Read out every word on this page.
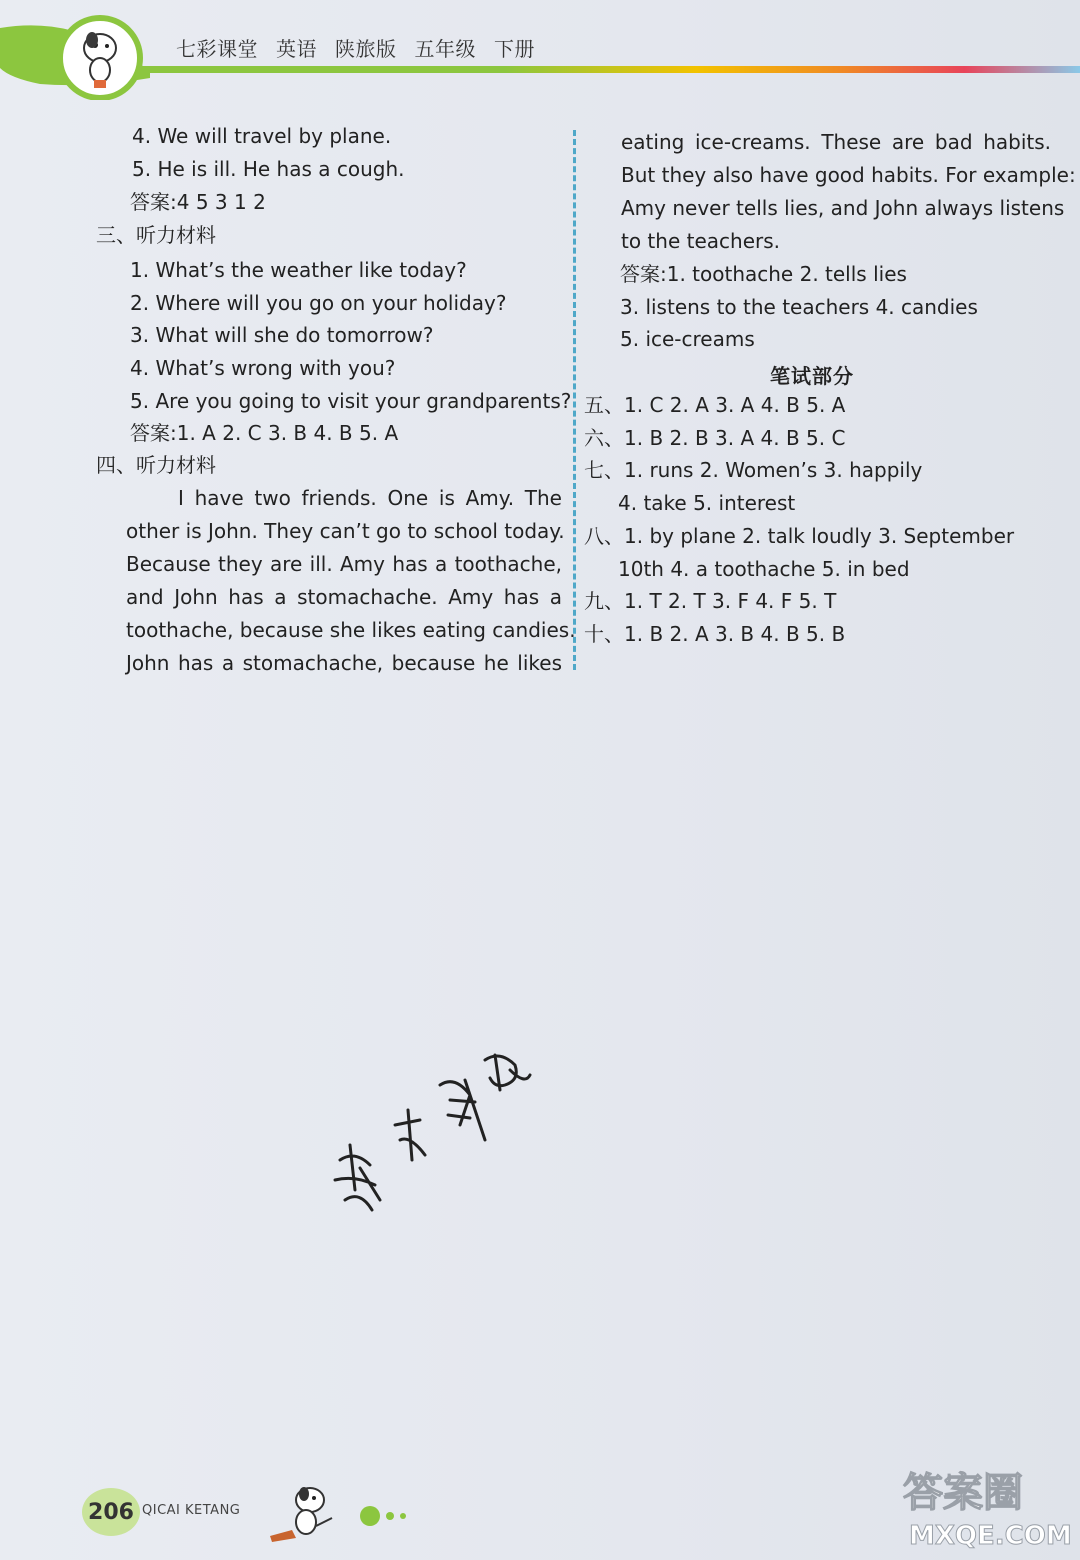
七彩课堂 英语 陕旅版 五年级 下册
4. We will travel by plane.
5. He is ill. He has a cough.
答案:4 5 3 1 2
三、听力材料
1. What’s the weather like today?
2. Where will you go on your holiday?
3. What will she do tomorrow?
4. What’s wrong with you?
5. Are you going to visit your grandparents?
答案:1. A 2. C 3. B 4. B 5. A
四、听力材料
I have two friends. One is Amy. The
other is John. They can’t go to school today.
Because they are ill. Amy has a toothache,
and John has a stomachache. Amy has a
toothache, because she likes eating candies.
John has a stomachache, because he likes
eating ice-creams. These are bad habits.
But they also have good habits. For example:
Amy never tells lies, and John always listens
to the teachers.
答案:1. toothache 2. tells lies
3. listens to the teachers 4. candies
5. ice-creams
笔试部分
五、1. C 2. A 3. A 4. B 5. A
六、1. B 2. B 3. A 4. B 5. C
七、1. runs 2. Women’s 3. happily
4. take 5. interest
八、1. by plane 2. talk loudly 3. September
10th 4. a toothache 5. in bed
九、1. T 2. T 3. F 4. F 5. T
十、1. B 2. A 3. B 4. B 5. B
206 QICAI KETANG	答案圈
MXQE.COM
